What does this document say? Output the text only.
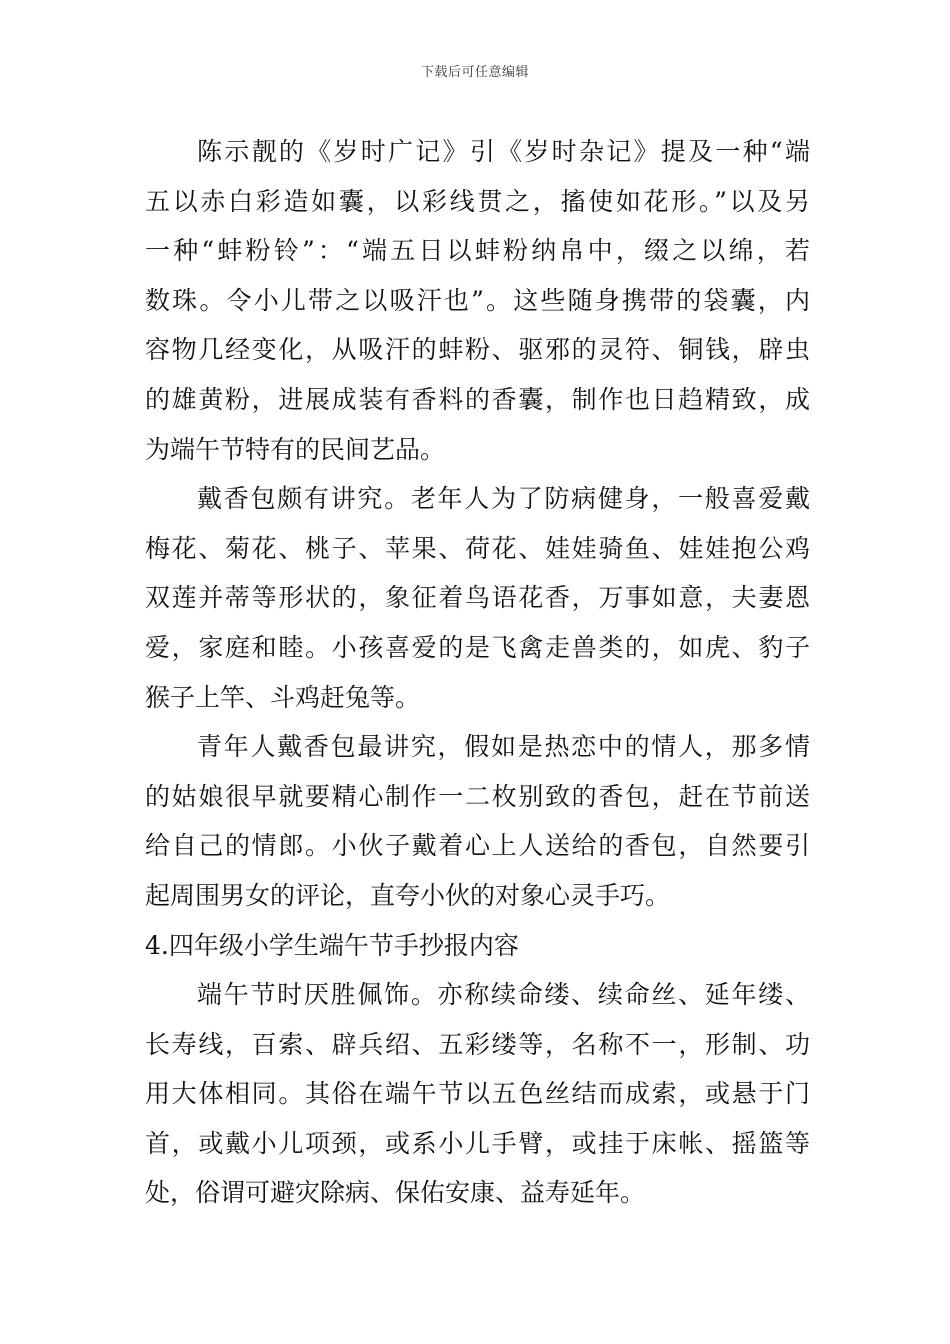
下载后可任意编辑
陈示靓的《岁时广记》引《岁时杂记》提及一种“端
五以赤白彩造如囊，以彩线贯之，搐使如花形。”以及另
一种“蚌粉铃”：“端五日以蚌粉纳帛中，缀之以绵，若
数珠。令小儿带之以吸汗也”。这些随身携带的袋囊，内
容物几经变化，从吸汗的蚌粉、驱邪的灵符、铜钱，辟虫
的雄黄粉，进展成装有香料的香囊，制作也日趋精致，成
为端午节特有的民间艺品。
戴香包颇有讲究。老年人为了防病健身，一般喜爱戴
梅花、菊花、桃子、苹果、荷花、娃娃骑鱼、娃娃抱公鸡
双莲并蒂等形状的，象征着鸟语花香，万事如意，夫妻恩
爱，家庭和睦。小孩喜爱的是飞禽走兽类的，如虎、豹子
猴子上竿、斗鸡赶兔等。
青年人戴香包最讲究，假如是热恋中的情人，那多情
的姑娘很早就要精心制作一二枚别致的香包，赶在节前送
给自己的情郎。小伙子戴着心上人送给的香包，自然要引
起周围男女的评论，直夸小伙的对象心灵手巧。
4.四年级小学生端午节手抄报内容
端午节时厌胜佩饰。亦称续命缕、续命丝、延年缕、
长寿线，百索、辟兵绍、五彩缕等，名称不一，形制、功
用大体相同。其俗在端午节以五色丝结而成索，或悬于门
首，或戴小儿项颈，或系小儿手臂，或挂于床帐、摇篮等
处，俗谓可避灾除病、保佑安康、益寿延年。
